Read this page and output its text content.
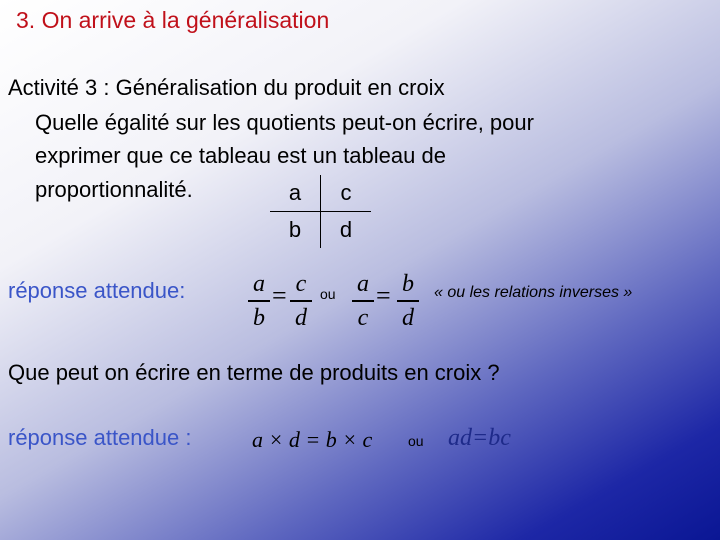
3. On arrive à la généralisation
Activité 3 : Généralisation du produit en croix
Quelle égalité sur les quotients peut-on écrire, pour
exprimer que ce tableau est un tableau de
proportionnalité.	a	c
b	d
réponse attendue:	a
b
= c
d
ou a
c
= b
d
« ou les relations inverses »
Que peut on écrire en terme de produits en croix ?
réponse attendue :	a × d = b × c	ou ad=bc
